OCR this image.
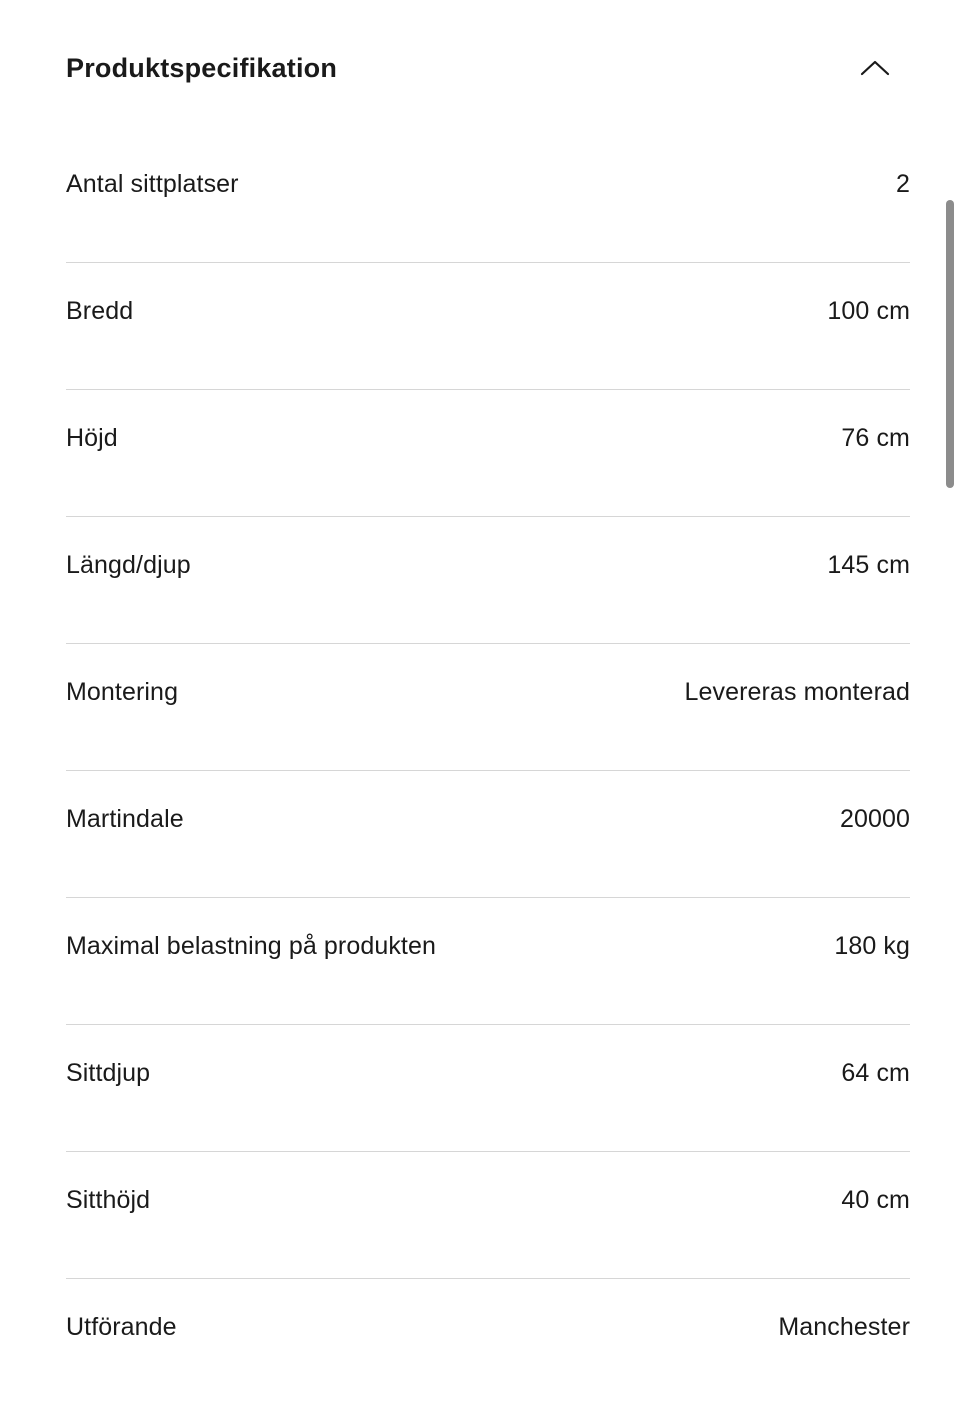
Produktspecifikation
Antal sittplatser	2
Bredd	100 cm
Höjd	76 cm
Längd/djup	145 cm
Montering	Levereras monterad
Martindale	20000
Maximal belastning på produkten	180 kg
Sittdjup	64 cm
Sitthöjd	40 cm
Utförande	Manchester
